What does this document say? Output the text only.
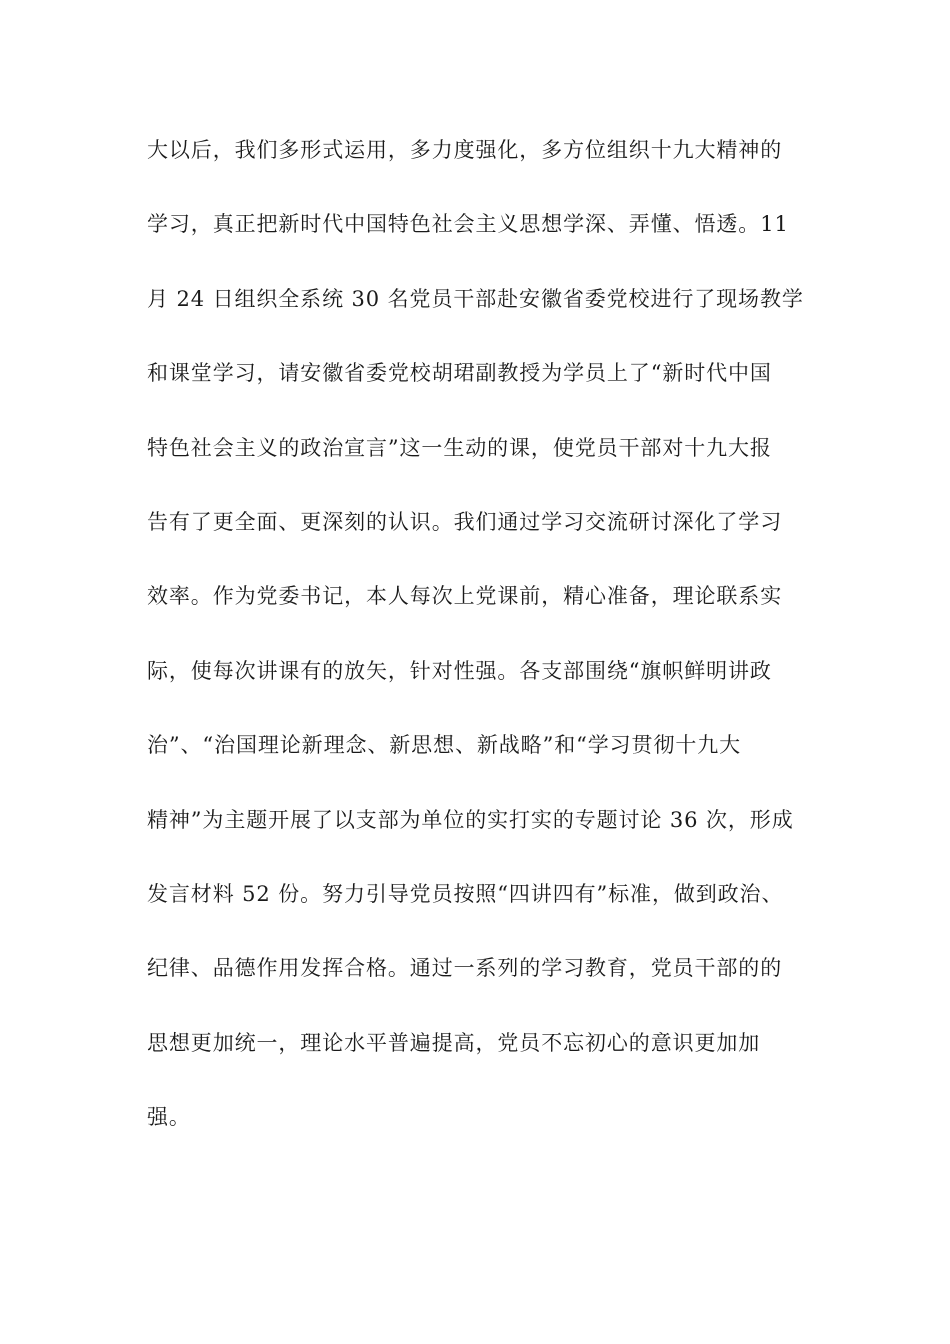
大以后，我们多形式运用，多力度强化，多方位组织十九大精神的
学习，真正把新时代中国特色社会主义思想学深、弄懂、悟透。11
月 24 日组织全系统 30 名党员干部赴安徽省委党校进行了现场教学
和课堂学习，请安徽省委党校胡珺副教授为学员上了“新时代中国
特色社会主义的政治宣言”这一生动的课，使党员干部对十九大报
告有了更全面、更深刻的认识。我们通过学习交流研讨深化了学习
效率。作为党委书记，本人每次上党课前，精心准备，理论联系实
际，使每次讲课有的放矢，针对性强。各支部围绕“旗帜鲜明讲政
治”、“治国理论新理念、新思想、新战略”和“学习贯彻十九大
精神”为主题开展了以支部为单位的实打实的专题讨论 36 次，形成
发言材料 52 份。努力引导党员按照“四讲四有”标准，做到政治、
纪律、品德作用发挥合格。通过一系列的学习教育，党员干部的的
思想更加统一，理论水平普遍提高，党员不忘初心的意识更加加
强。
